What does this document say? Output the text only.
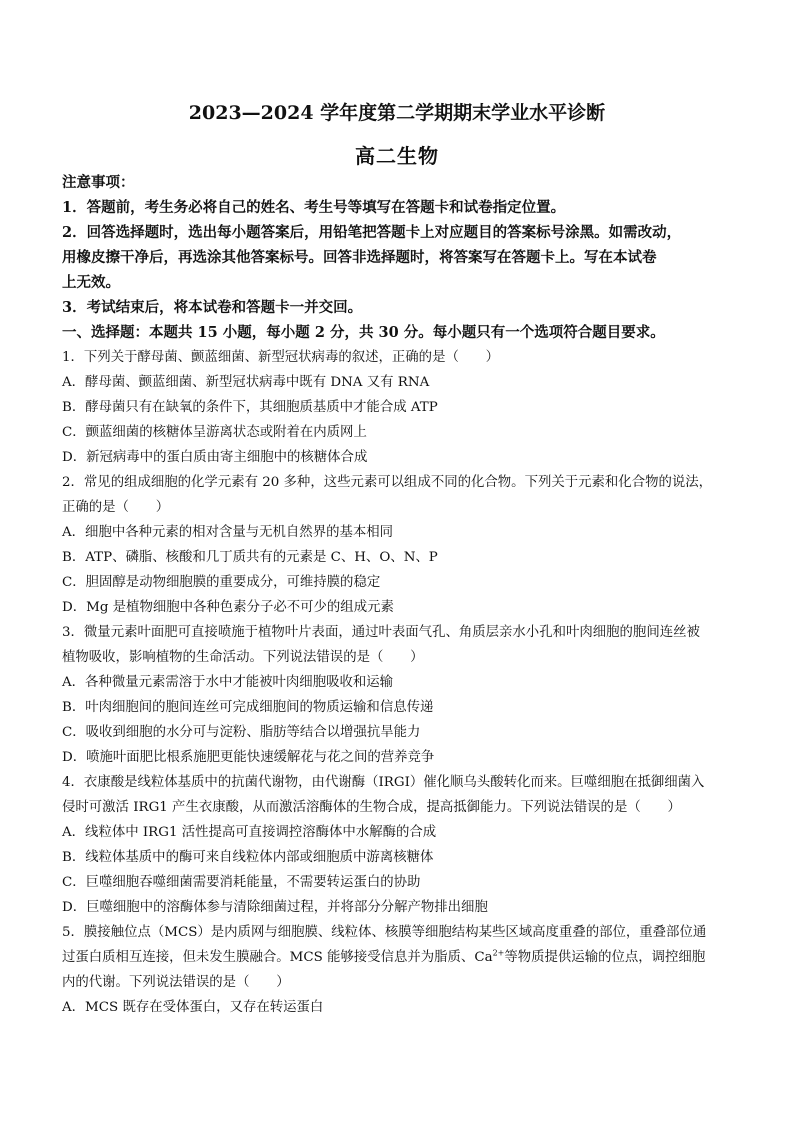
2023—2024 学年度第二学期期末学业水平诊断
高二生物
注意事项：
1．答题前，考生务必将自己的姓名、考生号等填写在答题卡和试卷指定位置。
2．回答选择题时，选出每小题答案后，用铅笔把答题卡上对应题目的答案标号涂黑。如需改动，
用橡皮擦干净后，再选涂其他答案标号。回答非选择题时，将答案写在答题卡上。写在本试卷
上无效。
3．考试结束后，将本试卷和答题卡一并交回。
一、选择题：本题共 15 小题，每小题 2 分，共 30 分。每小题只有一个选项符合题目要求。
1．下列关于酵母菌、颤蓝细菌、新型冠状病毒的叙述，正确的是（　　）
A．酵母菌、颤蓝细菌、新型冠状病毒中既有 DNA 又有 RNA
B．酵母菌只有在缺氧的条件下，其细胞质基质中才能合成 ATP
C．颤蓝细菌的核糖体呈游离状态或附着在内质网上
D．新冠病毒中的蛋白质由寄主细胞中的核糖体合成
2．常见的组成细胞的化学元素有 20 多种，这些元素可以组成不同的化合物。下列关于元素和化合物的说法，
正确的是（　　）
A．细胞中各种元素的相对含量与无机自然界的基本相同
B．ATP、磷脂、核酸和几丁质共有的元素是 C、H、O、N、P
C．胆固醇是动物细胞膜的重要成分，可维持膜的稳定
D．Mg 是植物细胞中各种色素分子必不可少的组成元素
3．微量元素叶面肥可直接喷施于植物叶片表面，通过叶表面气孔、角质层亲水小孔和叶肉细胞的胞间连丝被
植物吸收，影响植物的生命活动。下列说法错误的是（　　）
A．各种微量元素需溶于水中才能被叶肉细胞吸收和运输
B．叶肉细胞间的胞间连丝可完成细胞间的物质运输和信息传递
C．吸收到细胞的水分可与淀粉、脂肪等结合以增强抗旱能力
D．喷施叶面肥比根系施肥更能快速缓解花与花之间的营养竞争
4．衣康酸是线粒体基质中的抗菌代谢物，由代谢酶（IRGI）催化顺乌头酸转化而来。巨噬细胞在抵御细菌入
侵时可激活 IRG1 产生衣康酸，从而激活溶酶体的生物合成，提高抵御能力。下列说法错误的是（　　）
A．线粒体中 IRG1 活性提高可直接调控溶酶体中水解酶的合成
B．线粒体基质中的酶可来自线粒体内部或细胞质中游离核糖体
C．巨噬细胞吞噬细菌需要消耗能量，不需要转运蛋白的协助
D．巨噬细胞中的溶酶体参与清除细菌过程，并将部分分解产物排出细胞
5．膜接触位点（MCS）是内质网与细胞膜、线粒体、核膜等细胞结构某些区域高度重叠的部位，重叠部位通
过蛋白质相互连接，但未发生膜融合。MCS 能够接受信息并为脂质、$Ca^{2+}$等物质提供运输的位点，调控细胞
内的代谢。下列说法错误的是（　　）
A．MCS 既存在受体蛋白，又存在转运蛋白
